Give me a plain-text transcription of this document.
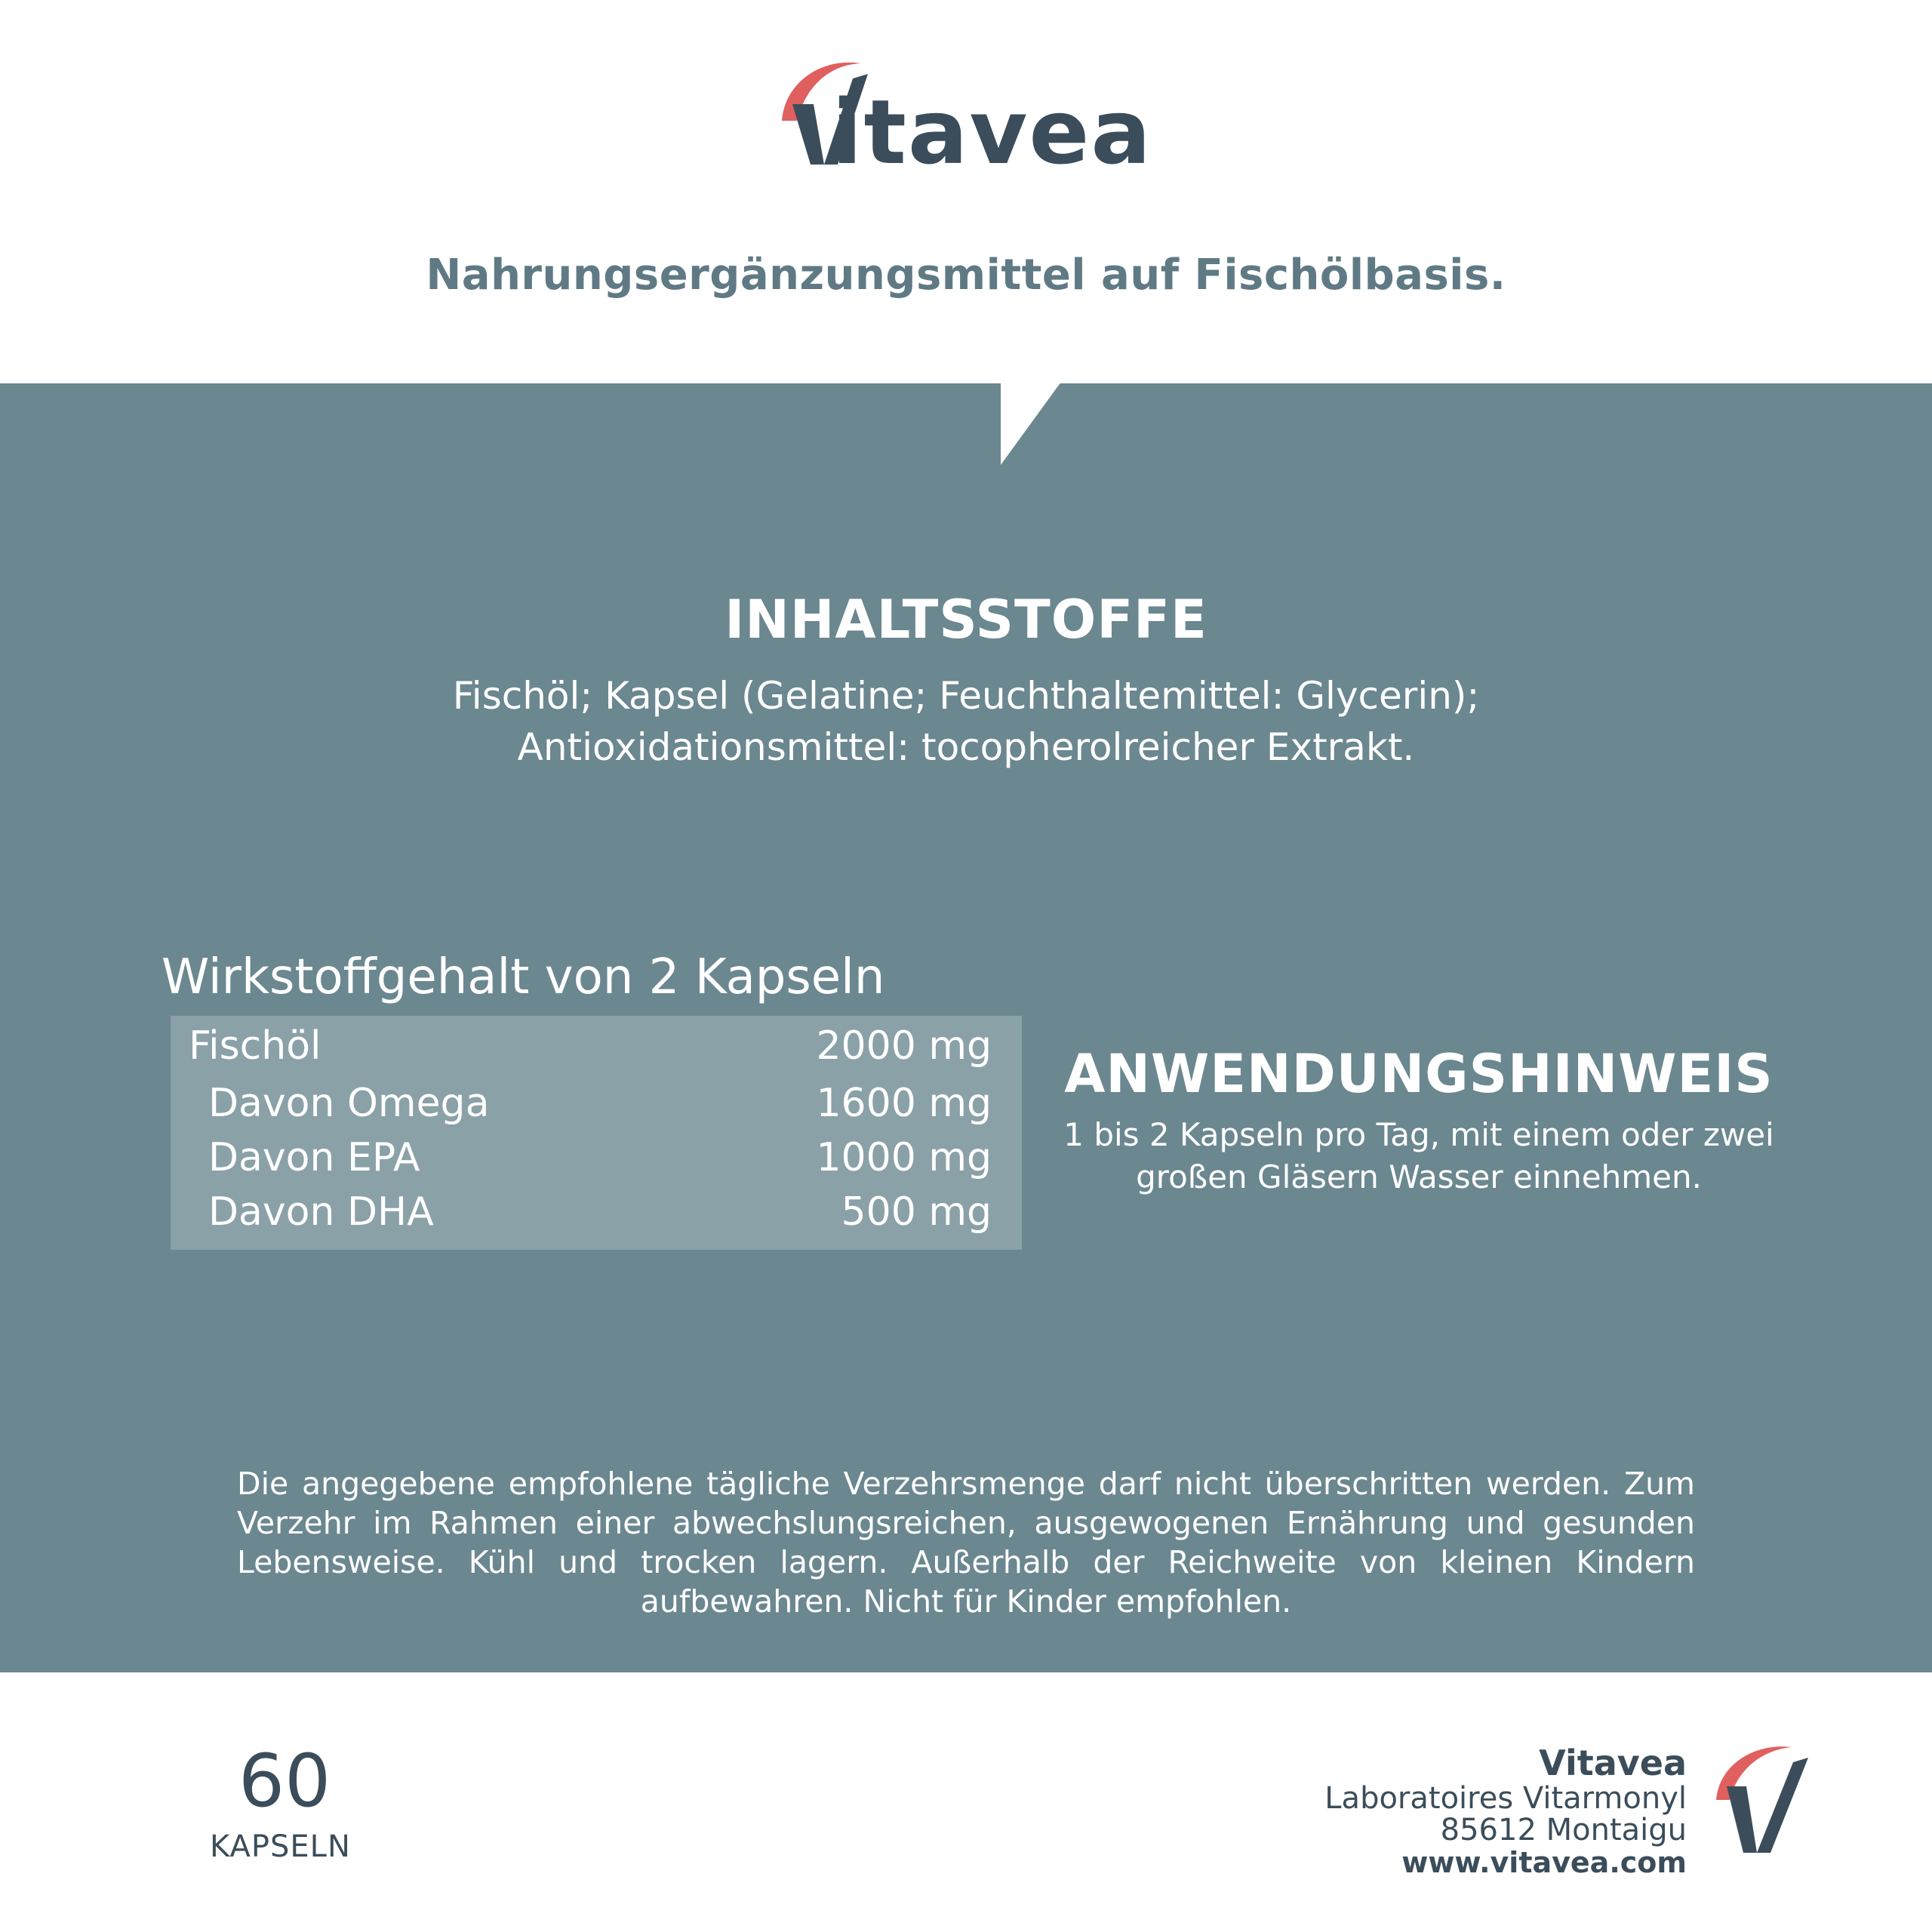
itavea
Nahrungsergänzungsmittel auf Fischölbasis.
INHALTSSTOFFE
Fischöl; Kapsel (Gelatine; Feuchthaltemittel: Glycerin);
Antioxidationsmittel: tocopherolreicher Extrakt.
Wirkstoffgehalt von 2 Kapseln
Fischöl	2000 mg
Davon Omega	1600 mg
Davon EPA	1000 mg
Davon DHA	500 mg
ANWENDUNGSHINWEIS
1 bis 2 Kapseln pro Tag, mit einem oder zwei
großen Gläsern Wasser einnehmen.
Die angegebene empfohlene tägliche Verzehrsmenge darf nicht überschritten werden. Zum Verzehr im Rahmen einer abwechslungsreichen, ausgewogenen Ernährung und gesunden Lebensweise. Kühl und trocken lagern. Außerhalb der Reichweite von kleinen Kindern aufbewahren. Nicht für Kinder empfohlen.
60
KAPSELN
Vitavea
Laboratoires Vitarmonyl
85612 Montaigu
www.vitavea.com
